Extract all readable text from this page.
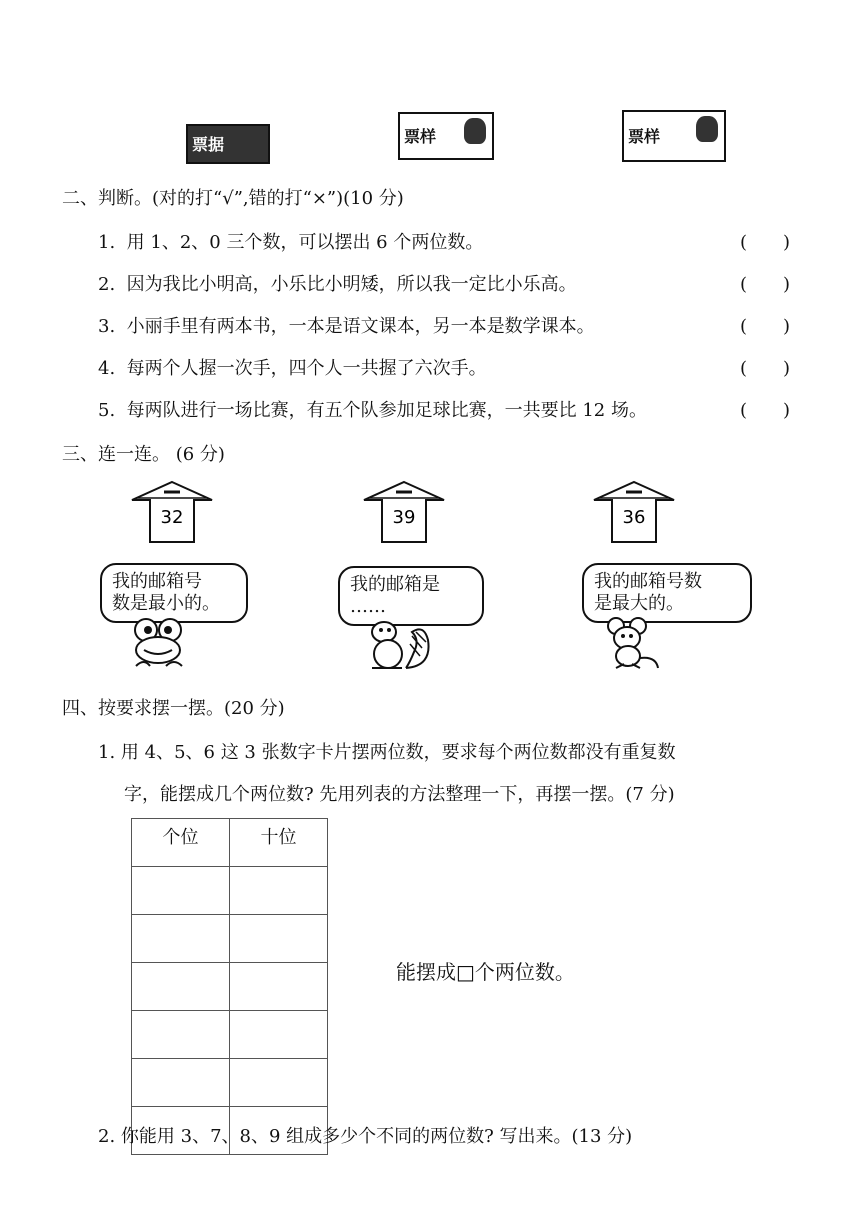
票据	票样	票样
二、判断。(对的打“√”,错的打“×”)(10 分)
1. 用 1、2、0 三个数，可以摆出 6 个两位数。	(　　)
2. 因为我比小明高，小乐比小明矮，所以我一定比小乐高。	(　　)
3. 小丽手里有两本书，一本是语文课本，另一本是数学课本。	(　　)
4. 每两个人握一次手，四个人一共握了六次手。	(　　)
5. 每两队进行一场比赛，有五个队参加足球比赛，一共要比 12 场。	(　　)
三、连一连。 (6 分)
32	39	36
我的邮箱号
数是最小的。
我的邮箱是
……
我的邮箱号数
是最大的。
四、按要求摆一摆。(20 分)
1. 用 4、5、6 这 3 张数字卡片摆两位数，要求每个两位数都没有重复数
字，能摆成几个两位数? 先用列表的方法整理一下，再摆一摆。(7 分)
个位	十位

能摆成□个两位数。
2. 你能用 3、7、8、9 组成多少个不同的两位数? 写出来。(13 分)
